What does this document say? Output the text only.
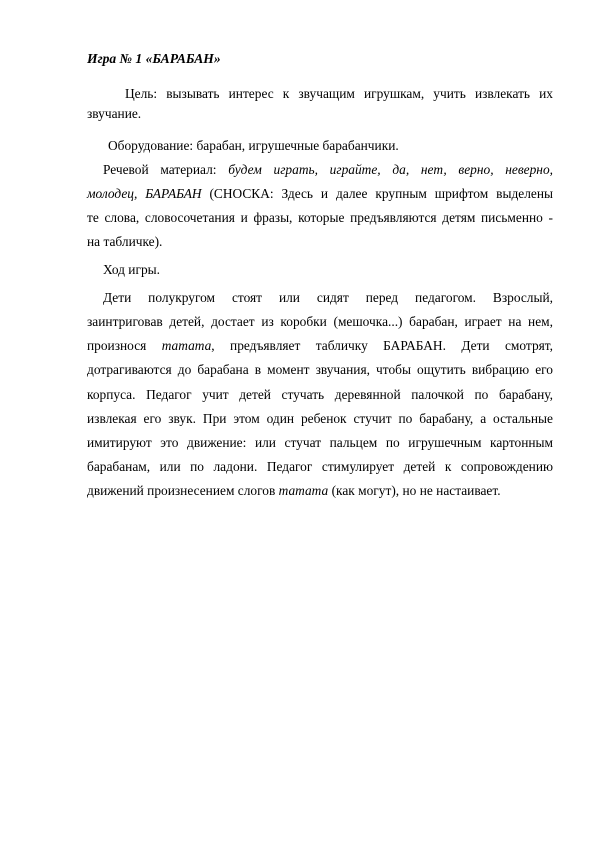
Игра № 1 «БАРАБАН»
Цель: вызывать интерес к звучащим игрушкам, учить извлекать их
звучание.
Оборудование: барабан, игрушечные барабанчики.
Речевой материал: будем играть, играйте, да, нет, верно, неверно,
молодец, БАРАБАН (СНОСКА: Здесь и далее крупным шрифтом выделены
те слова, словосочетания и фразы, которые предъявляются детям письменно -
на табличке).
Ход игры.
Дети полукругом стоят или сидят перед педагогом. Взрослый,
заинтриговав детей, достает из коробки (мешочка...) барабан, играет на нем,
произнося татата, предъявляет табличку БАРАБАН. Дети смотрят,
дотрагиваются до барабана в момент звучания, чтобы ощутить вибрацию его
корпуса. Педагог учит детей стучать деревянной палочкой по барабану,
извлекая его звук. При этом один ребенок стучит по барабану, а остальные
имитируют это движение: или стучат пальцем по игрушечным картонным
барабанам, или по ладони. Педагог стимулирует детей к сопровождению
движений произнесением слогов татата (как могут), но не настаивает.
